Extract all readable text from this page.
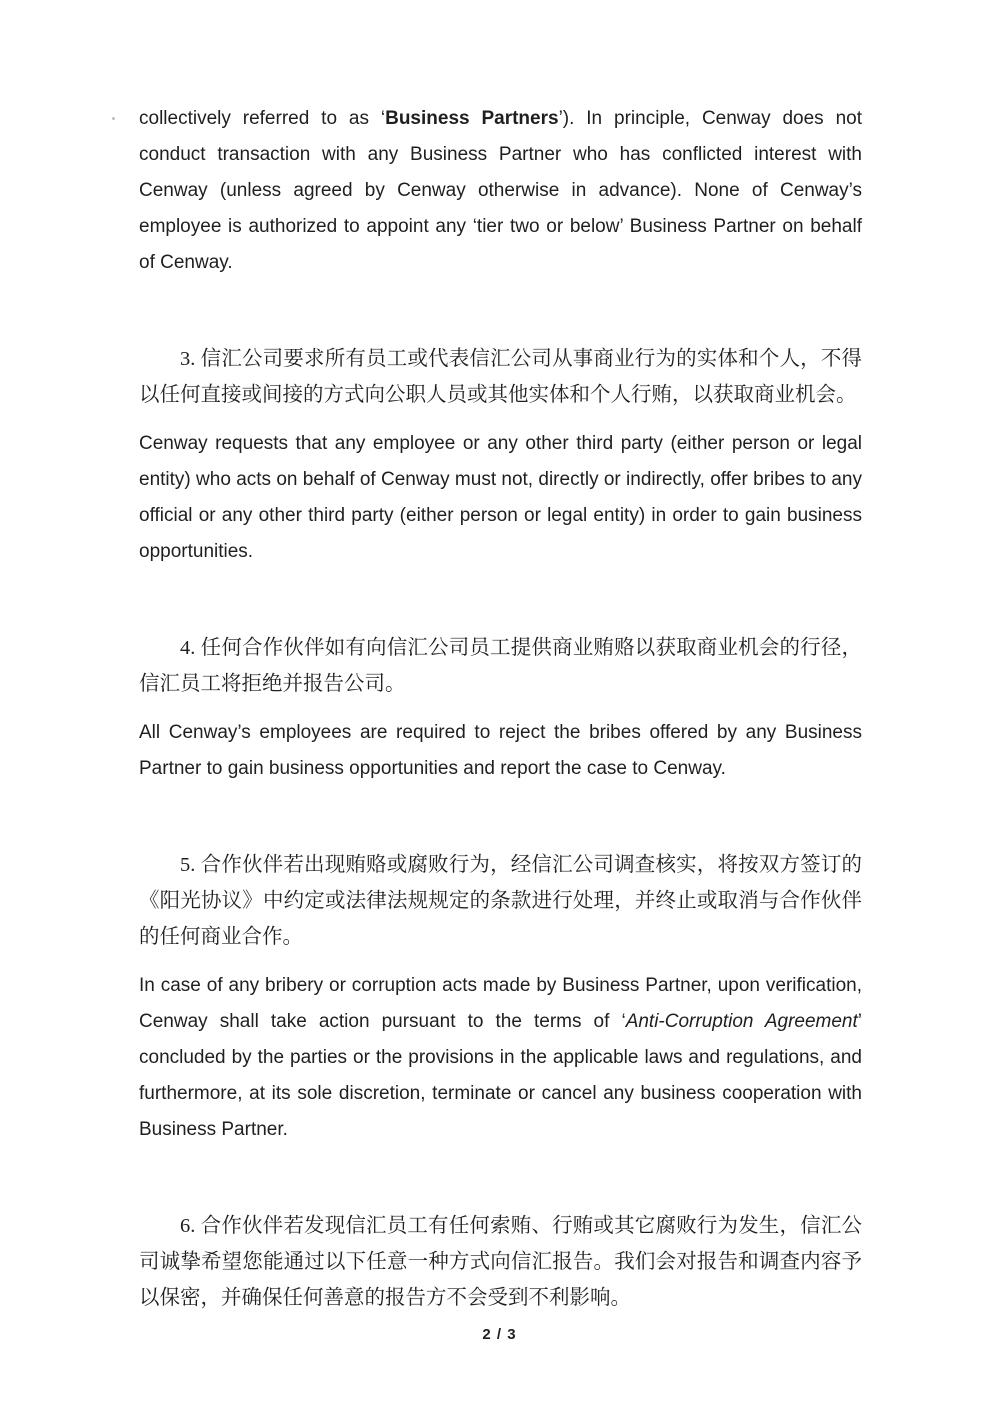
collectively referred to as ‘Business Partners’). In principle, Cenway does not conduct transaction with any Business Partner who has conflicted interest with Cenway (unless agreed by Cenway otherwise in advance). None of Cenway’s employee is authorized to appoint any ‘tier two or below’ Business Partner on behalf of Cenway.

3. 信汇公司要求所有员工或代表信汇公司从事商业行为的实体和个人，不得以任何直接或间接的方式向公职人员或其他实体和个人行贿，以获取商业机会。

Cenway requests that any employee or any other third party (either person or legal entity) who acts on behalf of Cenway must not, directly or indirectly, offer bribes to any official or any other third party (either person or legal entity) in order to gain business opportunities.

4. 任何合作伙伴如有向信汇公司员工提供商业贿赂以获取商业机会的行径，信汇员工将拒绝并报告公司。

All Cenway’s employees are required to reject the bribes offered by any Business Partner to gain business opportunities and report the case to Cenway.

5. 合作伙伴若出现贿赂或腐败行为，经信汇公司调查核实，将按双方签订的《阳光协议》中约定或法律法规规定的条款进行处理，并终止或取消与合作伙伴的任何商业合作。

In case of any bribery or corruption acts made by Business Partner, upon verification, Cenway shall take action pursuant to the terms of ‘Anti-Corruption Agreement’ concluded by the parties or the provisions in the applicable laws and regulations, and furthermore, at its sole discretion, terminate or cancel any business cooperation with Business Partner.

6. 合作伙伴若发现信汇员工有任何索贿、行贿或其它腐败行为发生，信汇公司诚挚希望您能通过以下任意一种方式向信汇报告。我们会对报告和调查内容予以保密，并确保任何善意的报告方不会受到不利影响。

2 / 3
